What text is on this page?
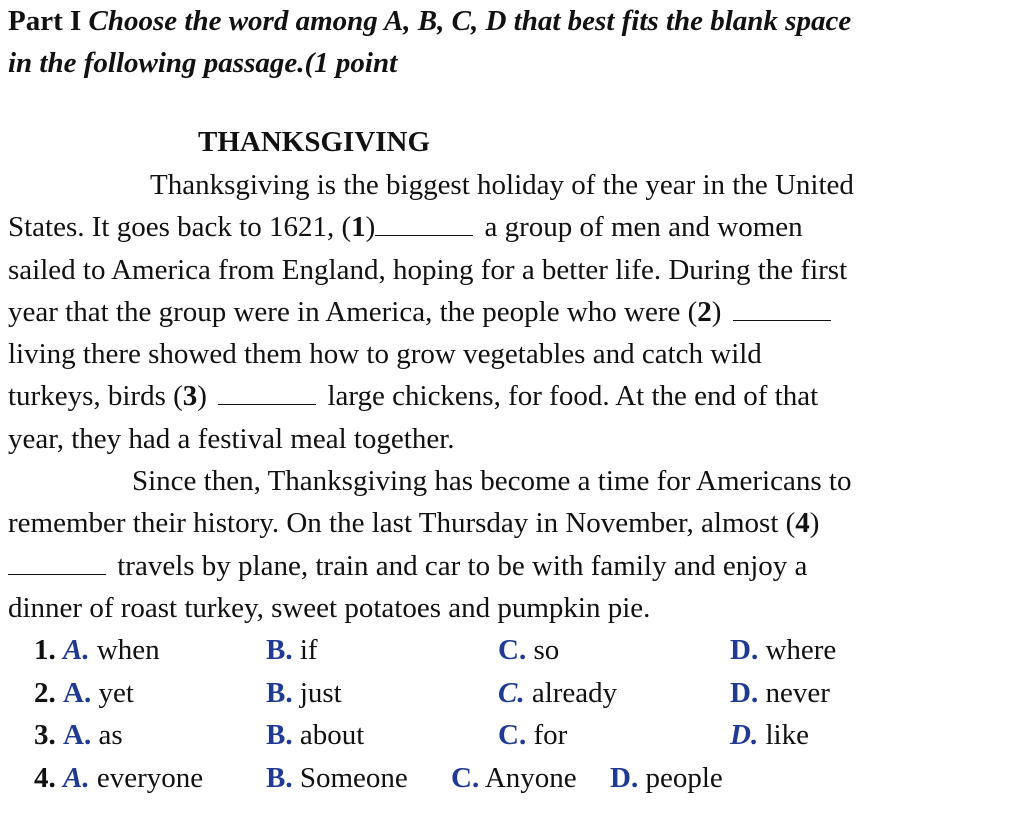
Part I Choose the word among A, B, C, D that best fits the blank space
in the following passage.(1 point
THANKSGIVING
Thanksgiving is the biggest holiday of the year in the United
States. It goes back to 1621, (1)	a group of men and women
sailed to America from England, hoping for a better life. During the first
year that the group were in America, the people who were (2)
living there showed them how to grow vegetables and catch wild
turkeys, birds (3)	large chickens, for food. At the end of that
year, they had a festival meal together.
Since then, Thanksgiving has become a time for Americans to
remember their history. On the last Thursday in November, almost (4)
travels by plane, train and car to be with family and enjoy a
dinner of roast turkey, sweet potatoes and pumpkin pie.
1. A. when	B. if	C. so	D. where
2. A. yet	B. just	C. already	D. never
3. A. as	B. about	C. for	D. like
4. A. everyone B. Someone C. Anyone D. people
